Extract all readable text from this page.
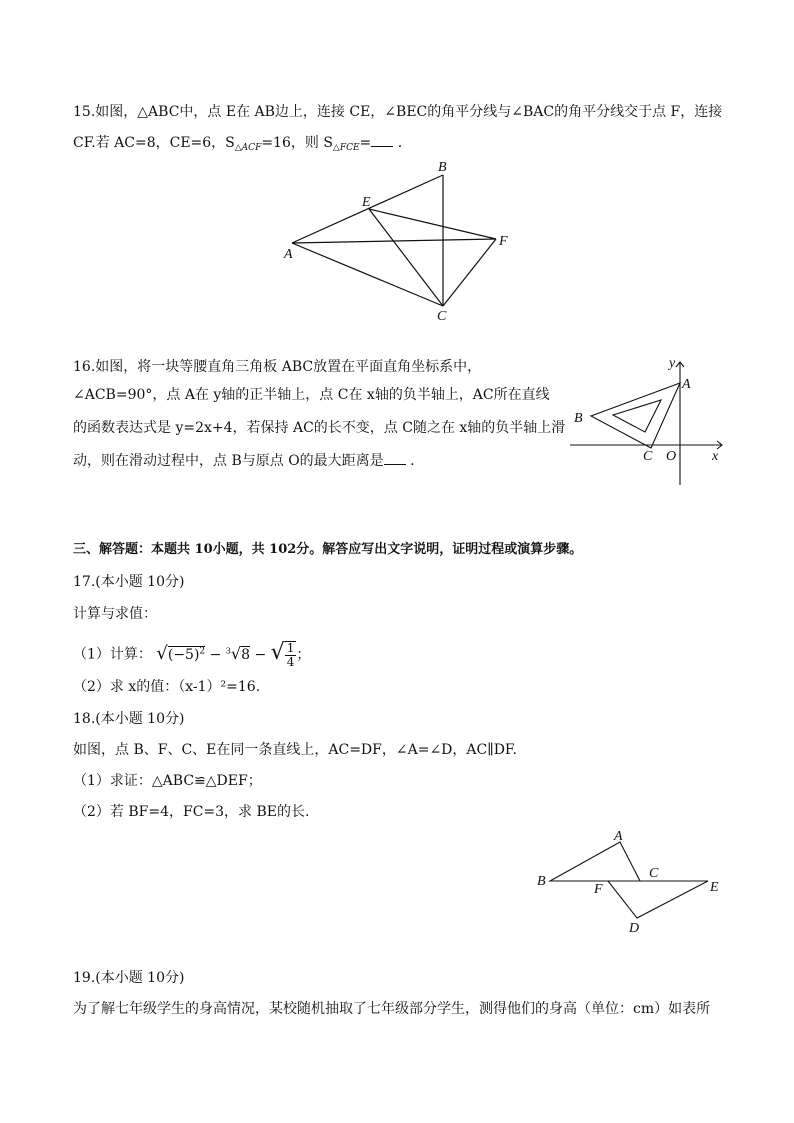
15.如图，△ABC中，点 E在 AB边上，连接 CE，∠BEC的角平分线与∠BAC的角平分线交于点 F，连接
CF.若 AC=8，CE=6，$S_{\triangle ACF}=16$，则 $S_{\triangle FCE}=$ .
B
E
F
A
C
16.如图，将一块等腰直角三角板 ABC放置在平面直角坐标系中，
∠ACB=90°，点 A在 y轴的正半轴上，点 C在 x轴的负半轴上，AC所在直线
的函数表达式是 y=2x+4，若保持 AC的长不变，点 C随之在 x轴的负半轴上滑
动，则在滑动过程中，点 B与原点 O的最大距离是 .
y
A
B
C O	x
三、解答题：本题共 10小题，共 102分。解答应写出文字说明，证明过程或演算步骤。
17.(本小题 10分)
计算与求值：
（1）计算： $√(-5)^2 - ^3√8$ − √ $\frac{1}{4}$ ；
（2）求 x的值：（x-1）²=16.
18.(本小题 10分)
如图，点 B、F、C、E在同一条直线上，AC=DF，∠A=∠D，AC∥DF.
（1）求证：△ABC≌△DEF；
（2）若 BF=4，FC=3，求 BE的长.
A
B
C
F	E
D
19.(本小题 10分)
为了解七年级学生的身高情况，某校随机抽取了七年级部分学生，测得他们的身高（单位：cm）如表所
